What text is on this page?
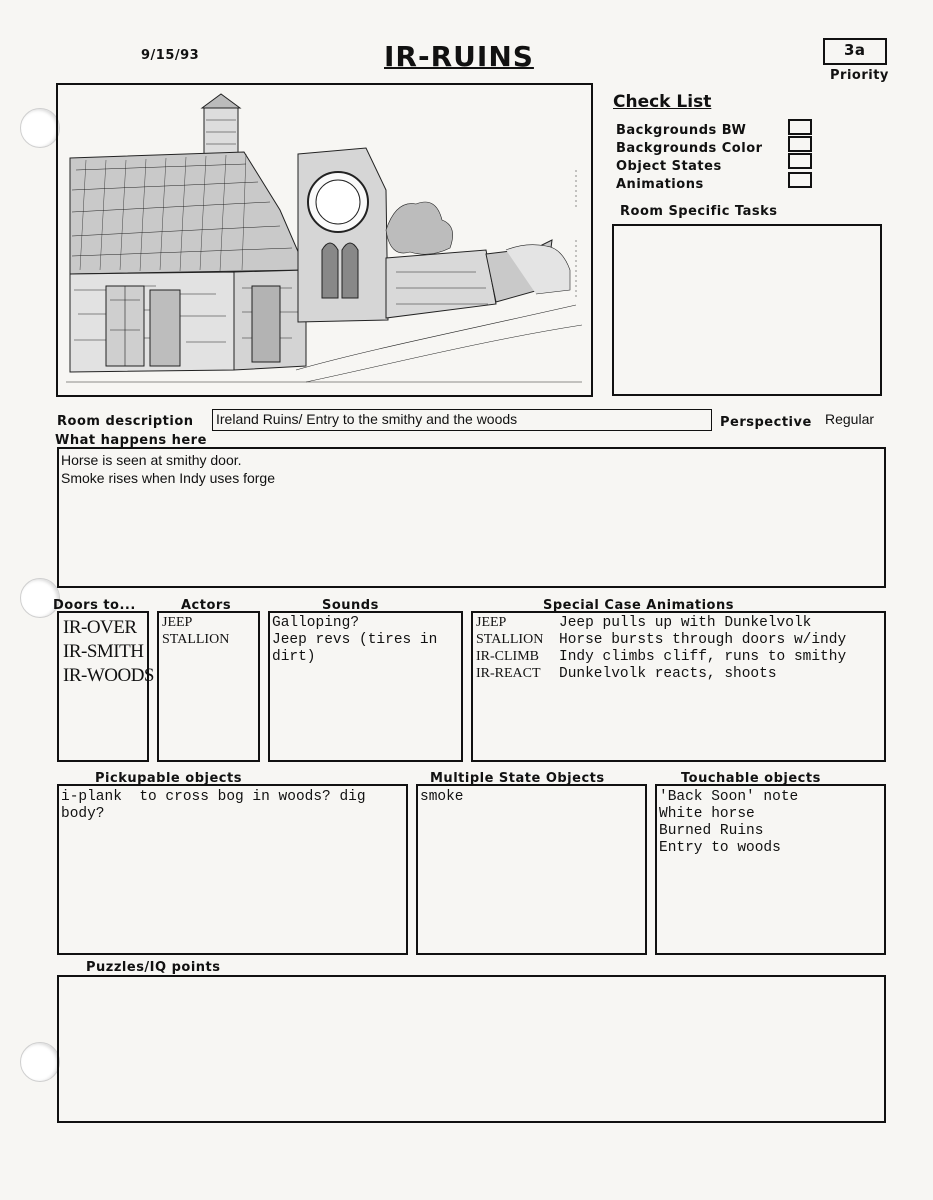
9/15/93	IR-RUINS	3a
Priority
Check List
Backgrounds BW
Backgrounds Color
Object States
Animations
Room Specific Tasks
Room description Ireland Ruins/ Entry to the smithy and the woods	Perspective Regular
What happens here
Horse is seen at smithy door.
Smoke rises when Indy uses forge
Doors to...	Actors	Sounds	Special Case Animations
IR-OVER
IR-SMITH
IR-WOODS
JEEP
STALLION
Galloping?
Jeep revs (tires in
dirt)
JEEP	Jeep pulls up with Dunkelvolk
STALLION Horse bursts through doors w/indy
IR-CLIMB Indy climbs cliff, runs to smithy
IR-REACT Dunkelvolk reacts, shoots
Pickupable objects	Multiple State Objects	Touchable objects
i-plank  to cross bog in woods? dig
body?
smoke	'Back Soon' note
White horse
Burned Ruins
Entry to woods
Puzzles/IQ points
